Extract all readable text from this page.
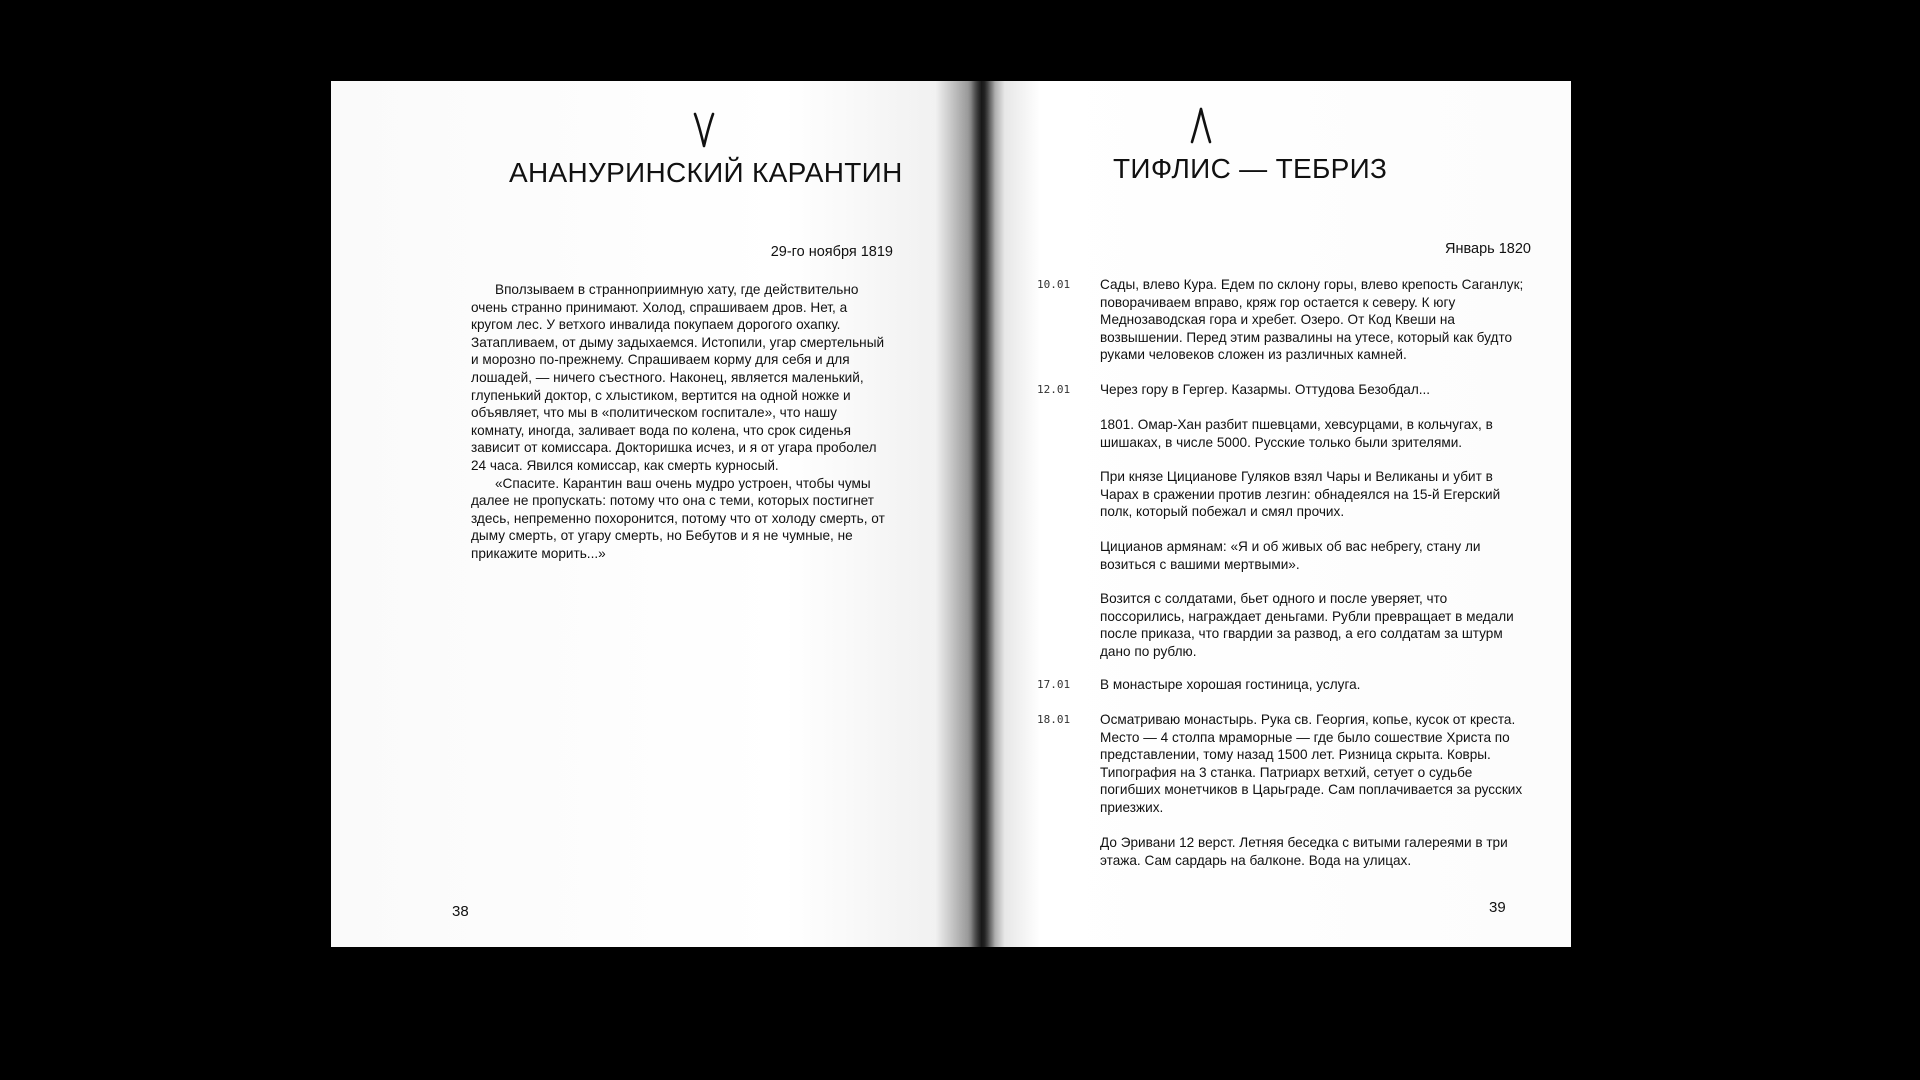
АНАНУРИНСКИЙ КАРАНТИН
29-го ноября 1819

Вползываем в страннoприимную хату, где действительно очень странно принимают. Холод, спрашиваем дров. Нет, а кругом лес. У ветхого инвалида покупаем дорогого охапку. Затапливаем, от дыму задыхаемся. Истопили, угар смертельный и морозно по-прежнему. Спрашиваем корму для себя и для лошадей, — ничего съестного. Наконец, является маленький, глупенький доктор, с хлыстиком, вертится на одной ножке и объявляет, что мы в «политическом госпитале», что нашу комнату, иногда, заливает вода по колена, что срок сиденья зависит от комиссара. Докторишка исчез, и я от угара проболел 24 часа. Явился комиссар, как смерть курносый.

«Спасите. Карантин ваш очень мудро устроен, чтобы чумы далее не пропускать: потому что она с теми, которых постигнет здесь, непременно похоронится, потому что от холоду смерть, от дыму смерть, от угару смерть, но Бебутов и я не чумные, не прикажите морить...»

38
ТИФЛИС — ТЕБРИЗ
Январь 1820
10.01 Сады, влево Кура. Едем по склону горы, влево крепость Саганлук; поворачиваем вправо, кряж гор остается к северу. К югу Меднозаводская гора и хребет. Озеро. От Код Квеши на возвышении. Перед этим развалины на утесе, который как будто руками человеков сложен из различных камней.

12.01 Через гору в Гергер. Казармы. Оттудова Безобдал...

1801. Омар-Хан разбит пшевцами, хевсурцами, в кольчугах, в шишаках, в числе 5000. Русские только были зрителями.

При князе Цицианове Гуляков взял Чары и Великаны и убит в Чарах в сражении против лезгин: обнадеялся на 15-й Егерский полк, который побежал и смял прочих.

Цицианов армянам: «Я и об живых об вас небрегу, стану ли возиться с вашими мертвыми».

Возится с солдатами, бьет одного и после уверяет, что поссорились, награждает деньгами. Рубли превращает в медали после приказа, что гвардии за развод, а его солдатам за штурм дано по рублю.

17.01 В монастыре хорошая гостиница, услуга.

18.01 Осматриваю монастырь. Рука св. Георгия, копье, кусок от креста. Место — 4 столпа мраморные — где было сошествие Христа по представлении, тому назад 1500 лет. Ризница скрыта. Ковры. Типография на 3 станка. Патриарх ветхий, сетует о судьбе погибших монетчиков в Царьграде. Сам поплачивается за русских приезжих.

До Эривани 12 верст. Летняя беседка с витыми галереями в три этажа. Сам сардарь на балконе. Вода на улицах.

39
